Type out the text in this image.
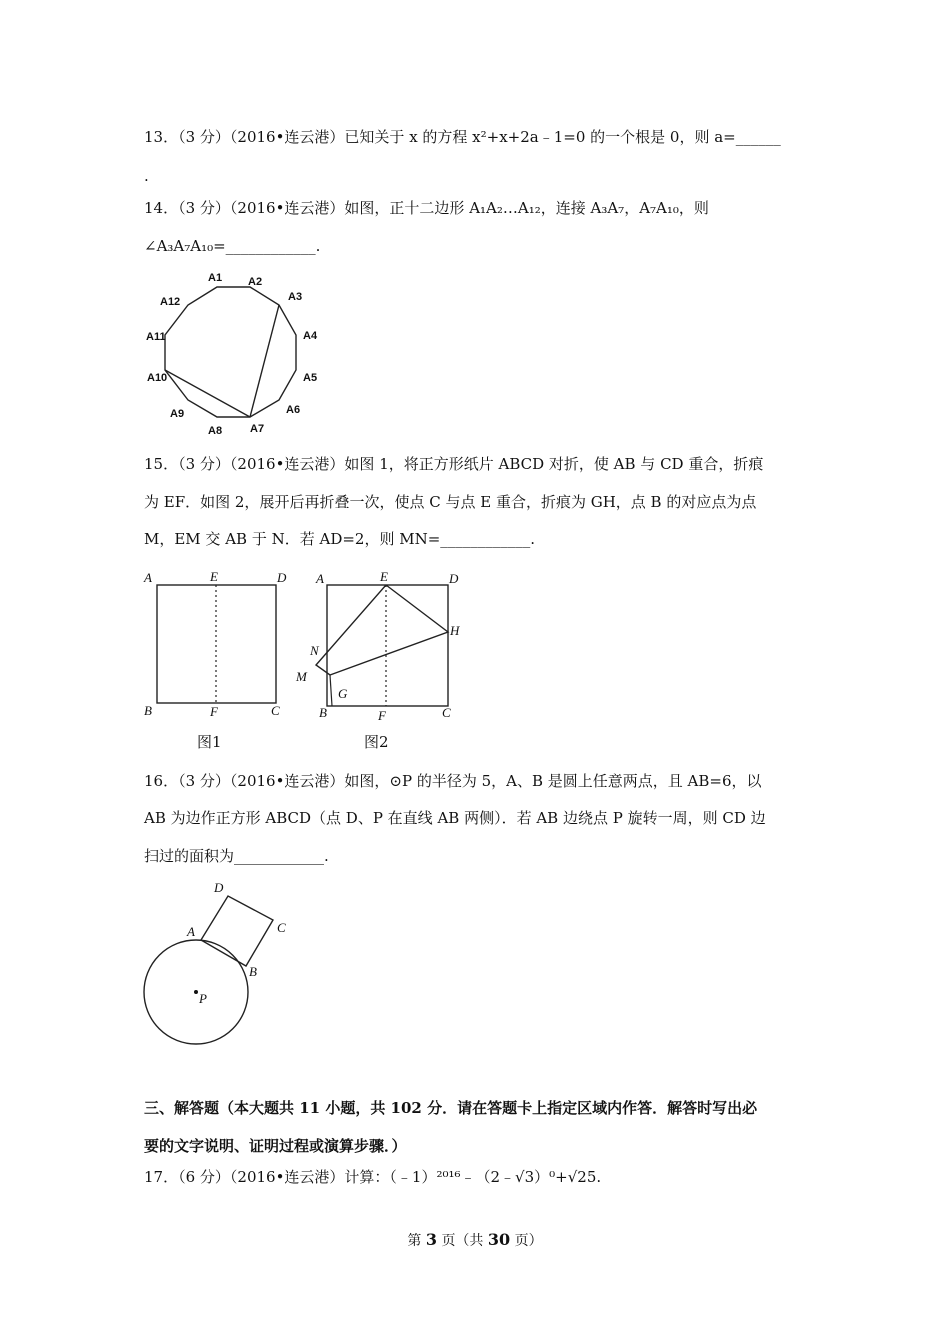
13．（3 分）（2016•连云港）已知关于 x 的方程 x²+x+2a﹣1=0 的一个根是 0，则 a=______
.
14．（3 分）（2016•连云港）如图，正十二边形 A₁A₂…A₁₂，连接 A₃A₇，A₇A₁₀，则
∠A₃A₇A₁₀=____________.
A1 A2
A3
A4
A5
A6
A7
A8
A9
A10
A11
A12
15．（3 分）（2016•连云港）如图 1，将正方形纸片 ABCD 对折，使 AB 与 CD 重合，折痕
为 EF．如图 2，展开后再折叠一次，使点 C 与点 E 重合，折痕为 GH，点 B 的对应点为点
M，EM 交 AB 于 N．若 AD=2，则 MN=____________.
A	E	D
B	F	C
图1
A	E	D
H
N
M
G
B	F	C
图2
16．（3 分）（2016•连云港）如图，⊙P 的半径为 5，A、B 是圆上任意两点，且 AB=6，以
AB 为边作正方形 ABCD（点 D、P 在直线 AB 两侧）．若 AB 边绕点 P 旋转一周，则 CD 边
扫过的面积为____________.
D
A	C
B
P
三、解答题（本大题共 11 小题，共 102 分．请在答题卡上指定区域内作答．解答时写出必
要的文字说明、证明过程或演算步骤．）
17．（6 分）（2016•连云港）计算：（﹣1）²⁰¹⁶﹣（2﹣√3）⁰+√25.
第 3 页（共 30 页）
